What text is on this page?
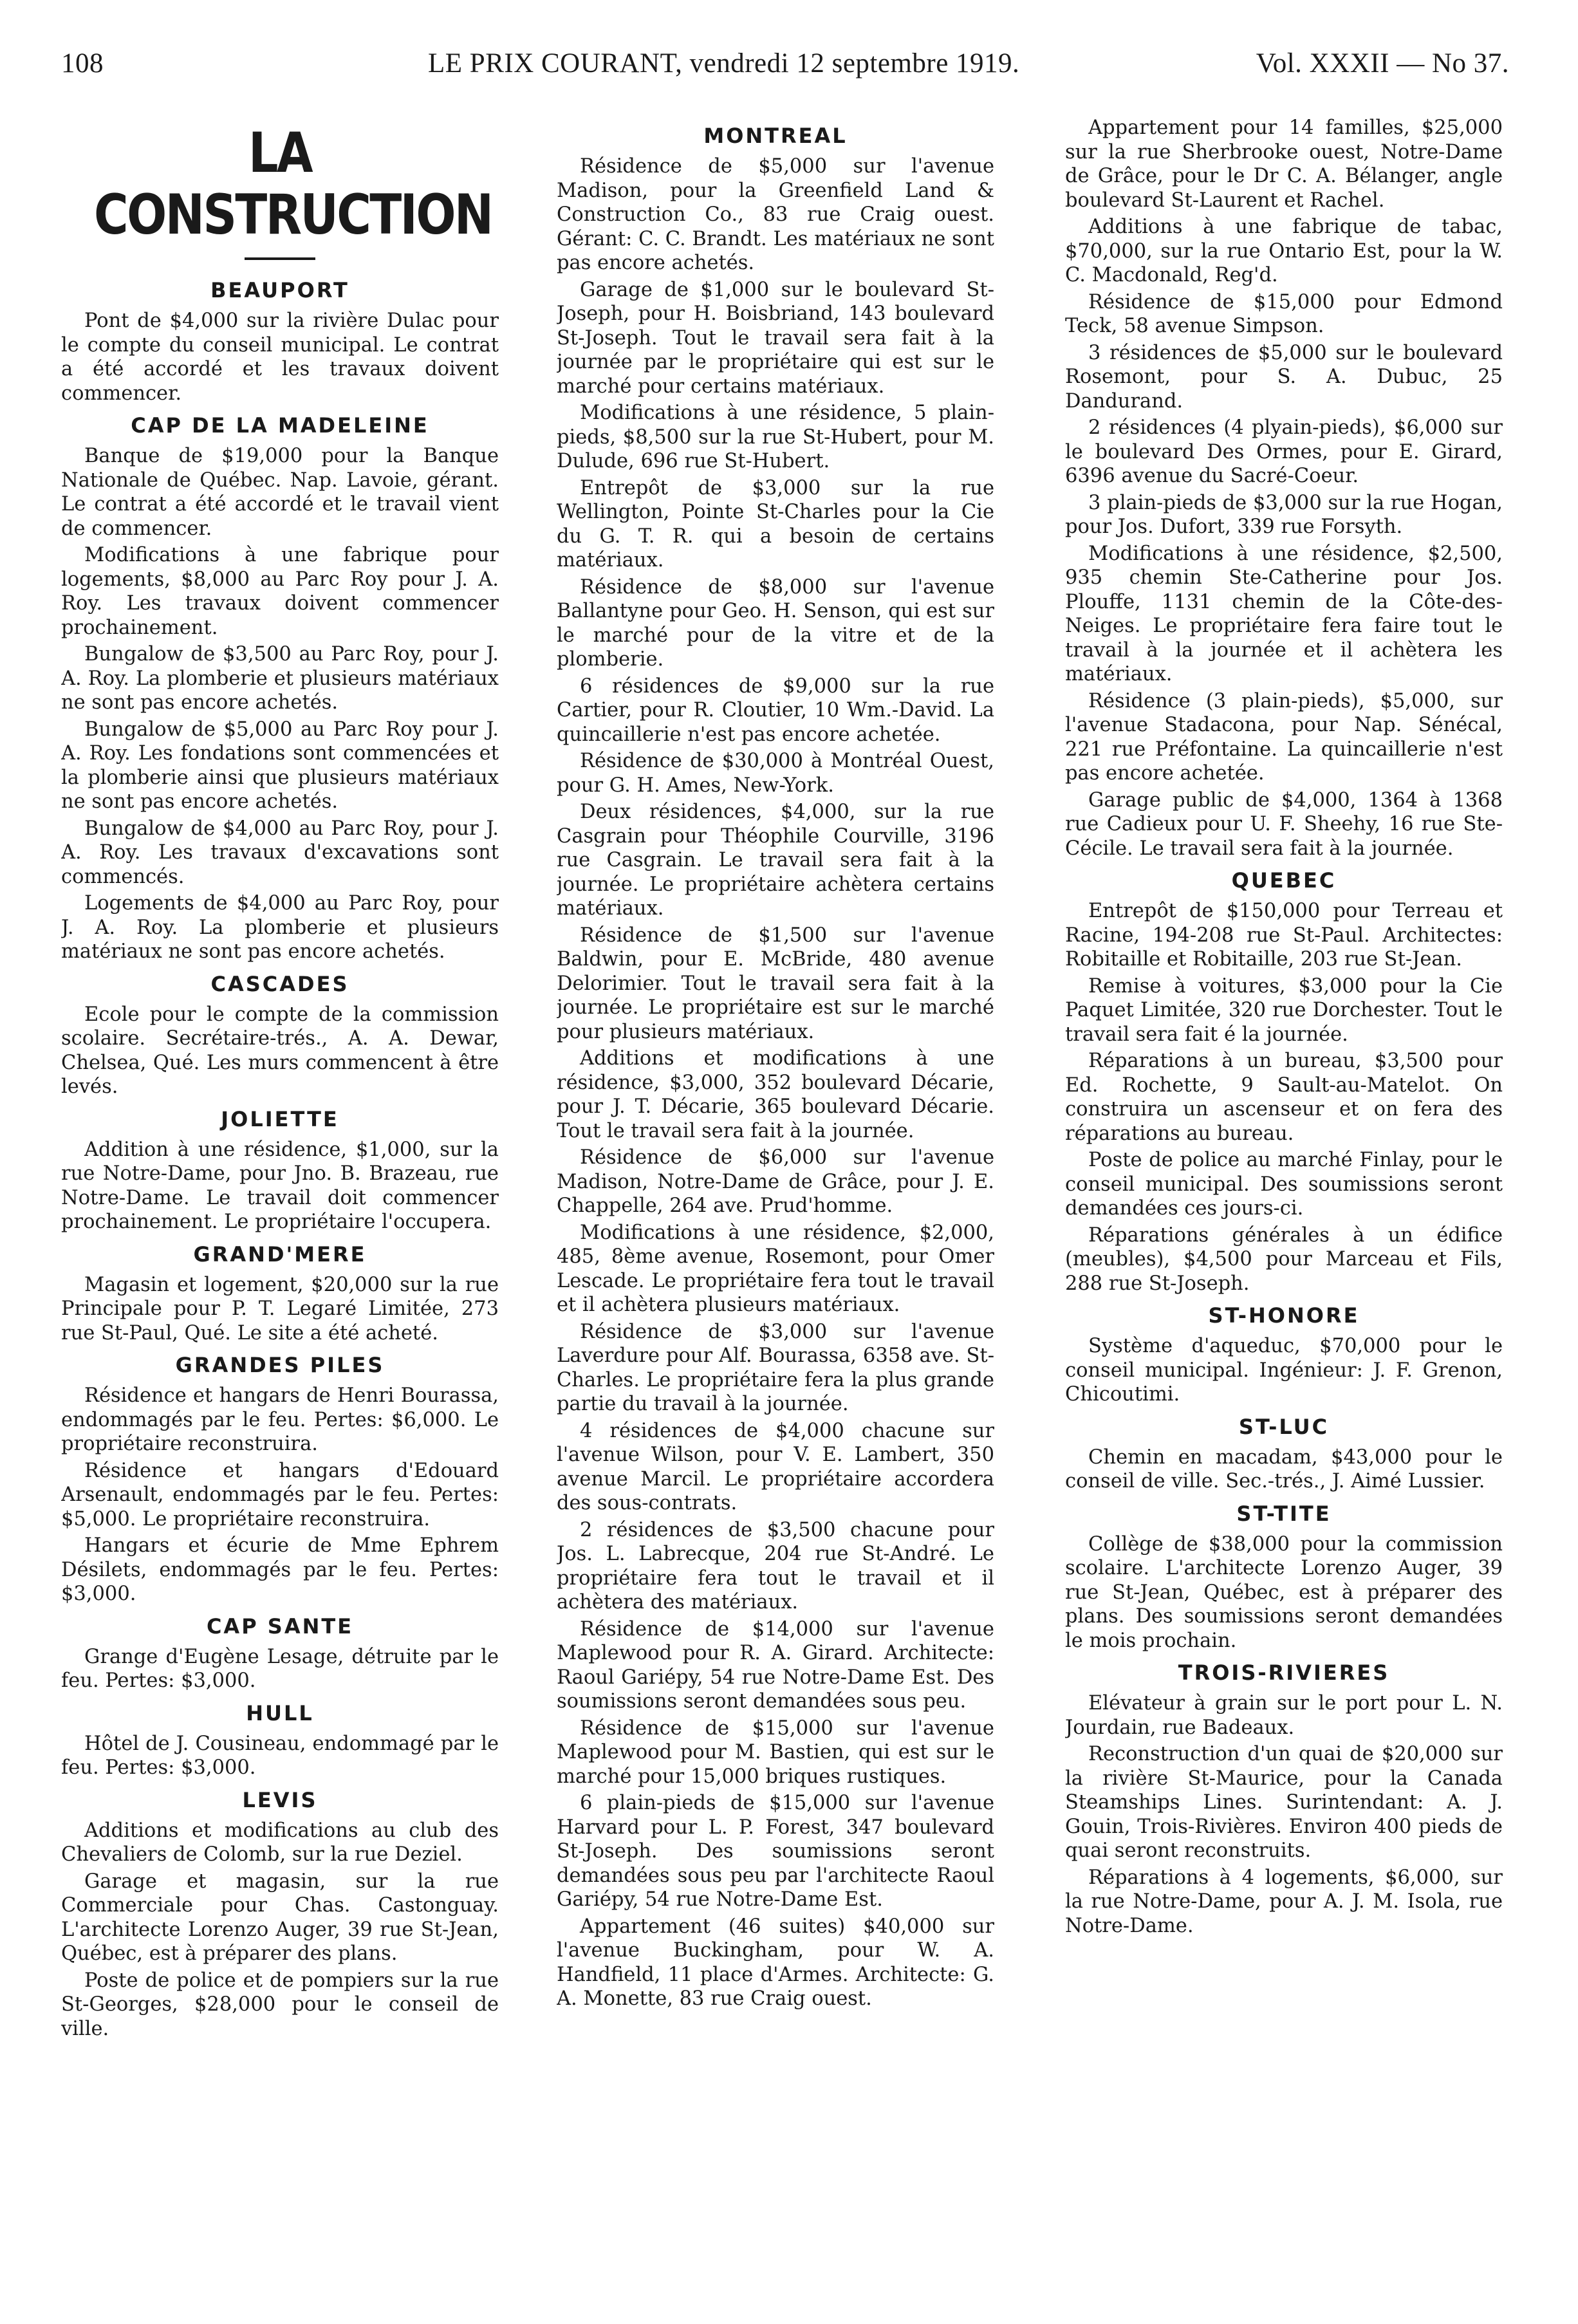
108	LE PRIX COURANT, vendredi 12 septembre 1919.	Vol. XXXII — No 37.
LA CONSTRUCTION
BEAUPORT

Pont de $4,000 sur la rivière Dulac pour le compte du conseil municipal. Le contrat a été accordé et les travaux doivent commencer.

CAP DE LA MADELEINE

Banque de $19,000 pour la Banque Nationale de Québec. Nap. Lavoie, gérant. Le contrat a été accordé et le travail vient de commencer.

Modifications à une fabrique pour logements, $8,000 au Parc Roy pour J. A. Roy. Les travaux doivent commencer prochainement.

Bungalow de $3,500 au Parc Roy, pour J. A. Roy. La plomberie et plusieurs matériaux ne sont pas encore achetés.

Bungalow de $5,000 au Parc Roy pour J. A. Roy. Les fondations sont commencées et la plomberie ainsi que plusieurs matériaux ne sont pas encore achetés.

Bungalow de $4,000 au Parc Roy, pour J. A. Roy. Les travaux d'excavations sont commencés.

Logements de $4,000 au Parc Roy, pour J. A. Roy. La plomberie et plusieurs matériaux ne sont pas encore achetés.

CASCADES

Ecole pour le compte de la commission scolaire. Secrétaire-trés., A. A. Dewar, Chelsea, Qué. Les murs commencent à être levés.

JOLIETTE

Addition à une résidence, $1,000, sur la rue Notre-Dame, pour Jno. B. Brazeau, rue Notre-Dame. Le travail doit commencer prochainement. Le propriétaire l'occupera.

GRAND'MERE

Magasin et logement, $20,000 sur la rue Principale pour P. T. Legaré Limitée, 273 rue St-Paul, Qué. Le site a été acheté.

GRANDES PILES

Résidence et hangars de Henri Bourassa, endommagés par le feu. Pertes: $6,000. Le propriétaire reconstruira.

Résidence et hangars d'Edouard Arsenault, endommagés par le feu. Pertes: $5,000. Le propriétaire reconstruira.

Hangars et écurie de Mme Ephrem Désilets, endommagés par le feu. Pertes: $3,000.

CAP SANTE

Grange d'Eugène Lesage, détruite par le feu. Pertes: $3,000.

HULL

Hôtel de J. Cousineau, endommagé par le feu. Pertes: $3,000.

LEVIS

Additions et modifications au club des Chevaliers de Colomb, sur la rue Deziel.

Garage et magasin, sur la rue Commerciale pour Chas. Castonguay. L'architecte Lorenzo Auger, 39 rue St-Jean, Québec, est à préparer des plans.

Poste de police et de pompiers sur la rue St-Georges, $28,000 pour le conseil de ville.

MONTREAL

Résidence de $5,000 sur l'avenue Madison, pour la Greenfield Land & Construction Co., 83 rue Craig ouest. Gérant: C. C. Brandt. Les matériaux ne sont pas encore achetés.

Garage de $1,000 sur le boulevard St-Joseph, pour H. Boisbriand, 143 boulevard St-Joseph. Tout le travail sera fait à la journée par le propriétaire qui est sur le marché pour certains matériaux.

Modifications à une résidence, 5 plain-pieds, $8,500 sur la rue St-Hubert, pour M. Dulude, 696 rue St-Hubert.

Entrepôt de $3,000 sur la rue Wellington, Pointe St-Charles pour la Cie du G. T. R. qui a besoin de certains matériaux.

Résidence de $8,000 sur l'avenue Ballantyne pour Geo. H. Senson, qui est sur le marché pour de la vitre et de la plomberie.

6 résidences de $9,000 sur la rue Cartier, pour R. Cloutier, 10 Wm.-David. La quincaillerie n'est pas encore achetée.

Résidence de $30,000 à Montréal Ouest, pour G. H. Ames, New-York.

Deux résidences, $4,000, sur la rue Casgrain pour Théophile Courville, 3196 rue Casgrain. Le travail sera fait à la journée. Le propriétaire achètera certains matériaux.

Résidence de $1,500 sur l'avenue Baldwin, pour E. McBride, 480 avenue Delorimier. Tout le travail sera fait à la journée. Le propriétaire est sur le marché pour plusieurs matériaux.

Additions et modifications à une résidence, $3,000, 352 boulevard Décarie, pour J. T. Décarie, 365 boulevard Décarie. Tout le travail sera fait à la journée.

Résidence de $6,000 sur l'avenue Madison, Notre-Dame de Grâce, pour J. E. Chappelle, 264 ave. Prud'homme.

Modifications à une résidence, $2,000, 485, 8ème avenue, Rosemont, pour Omer Lescade. Le propriétaire fera tout le travail et il achètera plusieurs matériaux.

Résidence de $3,000 sur l'avenue Laverdure pour Alf. Bourassa, 6358 ave. St-Charles. Le propriétaire fera la plus grande partie du travail à la journée.

4 résidences de $4,000 chacune sur l'avenue Wilson, pour V. E. Lambert, 350 avenue Marcil. Le propriétaire accordera des sous-contrats.

2 résidences de $3,500 chacune pour Jos. L. Labrecque, 204 rue St-André. Le propriétaire fera tout le travail et il achètera des matériaux.

Résidence de $14,000 sur l'avenue Maplewood pour R. A. Girard. Architecte: Raoul Gariépy, 54 rue Notre-Dame Est. Des soumissions seront demandées sous peu.

Résidence de $15,000 sur l'avenue Maplewood pour M. Bastien, qui est sur le marché pour 15,000 briques rustiques.

6 plain-pieds de $15,000 sur l'avenue Harvard pour L. P. Forest, 347 boulevard St-Joseph. Des soumissions seront demandées sous peu par l'architecte Raoul Gariépy, 54 rue Notre-Dame Est.

Appartement (46 suites) $40,000 sur l'avenue Buckingham, pour W. A. Handfield, 11 place d'Armes. Architecte: G. A. Monette, 83 rue Craig ouest.

Appartement pour 14 familles, $25,000 sur la rue Sherbrooke ouest, Notre-Dame de Grâce, pour le Dr C. A. Bélanger, angle boulevard St-Laurent et Rachel.

Additions à une fabrique de tabac, $70,000, sur la rue Ontario Est, pour la W. C. Macdonald, Reg'd.

Résidence de $15,000 pour Edmond Teck, 58 avenue Simpson.

3 résidences de $5,000 sur le boulevard Rosemont, pour S. A. Dubuc, 25 Dandurand.

2 résidences (4 plyain-pieds), $6,000 sur le boulevard Des Ormes, pour E. Girard, 6396 avenue du Sacré-Coeur.

3 plain-pieds de $3,000 sur la rue Hogan, pour Jos. Dufort, 339 rue Forsyth.

Modifications à une résidence, $2,500, 935 chemin Ste-Catherine pour Jos. Plouffe, 1131 chemin de la Côte-des-Neiges. Le propriétaire fera faire tout le travail à la journée et il achètera les matériaux.

Résidence (3 plain-pieds), $5,000, sur l'avenue Stadacona, pour Nap. Sénécal, 221 rue Préfontaine. La quincaillerie n'est pas encore achetée.

Garage public de $4,000, 1364 à 1368 rue Cadieux pour U. F. Sheehy, 16 rue Ste-Cécile. Le travail sera fait à la journée.

QUEBEC

Entrepôt de $150,000 pour Terreau et Racine, 194-208 rue St-Paul. Architectes: Robitaille et Robitaille, 203 rue St-Jean.

Remise à voitures, $3,000 pour la Cie Paquet Limitée, 320 rue Dorchester. Tout le travail sera fait é la journée.

Réparations à un bureau, $3,500 pour Ed. Rochette, 9 Sault-au-Matelot. On construira un ascenseur et on fera des réparations au bureau.

Poste de police au marché Finlay, pour le conseil municipal. Des soumissions seront demandées ces jours-ci.

Réparations générales à un édifice (meubles), $4,500 pour Marceau et Fils, 288 rue St-Joseph.

ST-HONORE

Système d'aqueduc, $70,000 pour le conseil municipal. Ingénieur: J. F. Grenon, Chicoutimi.

ST-LUC

Chemin en macadam, $43,000 pour le conseil de ville. Sec.-trés., J. Aimé Lussier.

ST-TITE

Collège de $38,000 pour la commission scolaire. L'architecte Lorenzo Auger, 39 rue St-Jean, Québec, est à préparer des plans. Des soumissions seront demandées le mois prochain.

TROIS-RIVIERES

Elévateur à grain sur le port pour L. N. Jourdain, rue Badeaux.

Reconstruction d'un quai de $20,000 sur la rivière St-Maurice, pour la Canada Steamships Lines. Surintendant: A. J. Gouin, Trois-Rivières. Environ 400 pieds de quai seront reconstruits.

Réparations à 4 logements, $6,000, sur la rue Notre-Dame, pour A. J. M. Isola, rue Notre-Dame.
